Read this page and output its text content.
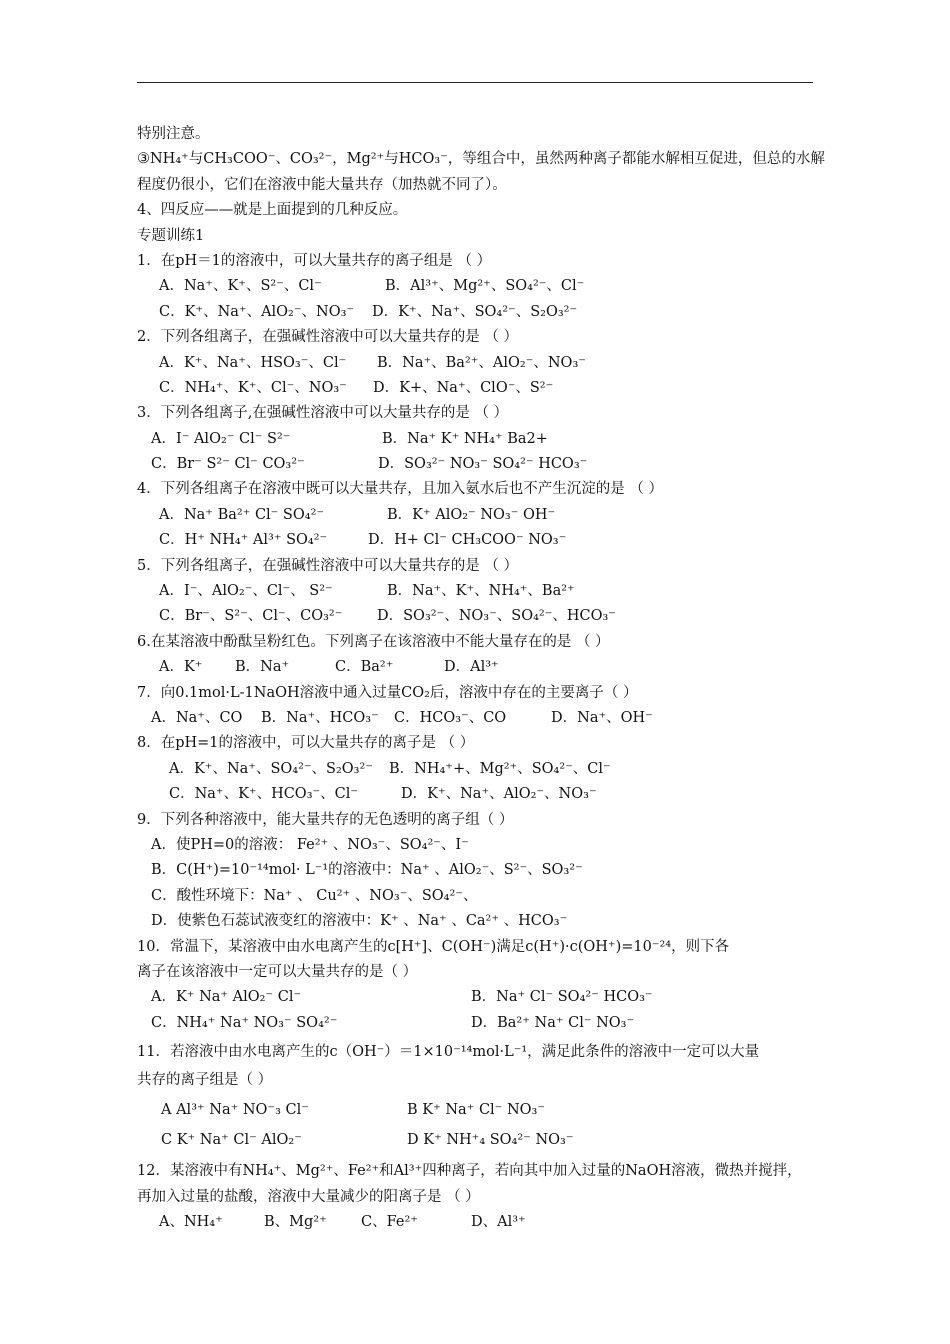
特别注意。
③NH₄⁺与CH₃COO⁻、CO₃²⁻，Mg²⁺与HCO₃⁻，等组合中，虽然两种离子都能水解相互促进，但总的水解
程度仍很小，它们在溶液中能大量共存（加热就不同了）。
4、四反应——就是上面提到的几种反应。
专题训练1
1．在pH＝1的溶液中，可以大量共存的离子组是 （ ）
A．Na⁺、K⁺、S²⁻、Cl⁻	B．Al³⁺、Mg²⁺、SO₄²⁻、Cl⁻
C．K⁺、Na⁺、AlO₂⁻、NO₃⁻ D．K⁺、Na⁺、SO₄²⁻、S₂O₃²⁻
2．下列各组离子，在强碱性溶液中可以大量共存的是 （ ）
A．K⁺、Na⁺、HSO₃⁻、Cl⁻ B．Na⁺、Ba²⁺、AlO₂⁻、NO₃⁻
C．NH₄⁺、K⁺、Cl⁻、NO₃⁻ D．K+、Na⁺、ClO⁻、S²⁻
3．下列各组离子,在强碱性溶液中可以大量共存的是 （ ）
A．I⁻ AlO₂⁻ Cl⁻ S²⁻	B．Na⁺ K⁺ NH₄⁺ Ba2+
C．Br⁻ S²⁻ Cl⁻ CO₃²⁻	D．SO₃²⁻ NO₃⁻ SO₄²⁻ HCO₃⁻
4．下列各组离子在溶液中既可以大量共存，且加入氨水后也不产生沉淀的是 （ ）
A．Na⁺ Ba²⁺ Cl⁻ SO₄²⁻	B．K⁺ AlO₂⁻ NO₃⁻ OH⁻
C．H⁺ NH₄⁺ Al³⁺ SO₄²⁻	D．H+ Cl⁻ CH₃COO⁻ NO₃⁻
5．下列各组离子，在强碱性溶液中可以大量共存的是 （ ）
A．I⁻、AlO₂⁻、Cl⁻、 S²⁻	B．Na⁺、K⁺、NH₄⁺、Ba²⁺
C．Br⁻、S²⁻、Cl⁻、CO₃²⁻ D．SO₃²⁻、NO₃⁻、SO₄²⁻、HCO₃⁻
6.在某溶液中酚酞呈粉红色。下列离子在该溶液中不能大量存在的是 （ ）
A．K⁺ B．Na⁺	C．Ba²⁺	D．Al³⁺
7．向0.1mol·L-1NaOH溶液中通入过量CO₂后，溶液中存在的主要离子（ ）
A．Na⁺、CO B．Na⁺、HCO₃⁻ C．HCO₃⁻、CO	D．Na⁺、OH⁻
8．在pH=1的溶液中，可以大量共存的离子是 （ ）
A．K⁺、Na⁺、SO₄²⁻、S₂O₃²⁻ B．NH₄⁺+、Mg²⁺、SO₄²⁻、Cl⁻
C．Na⁺、K⁺、HCO₃⁻、Cl⁻	D．K⁺、Na⁺、AlO₂⁻、NO₃⁻
9．下列各种溶液中，能大量共存的无色透明的离子组（ ）
A．使PH=0的溶液： Fe²⁺ 、NO₃⁻、SO₄²⁻、I⁻
B．C(H⁺)=10⁻¹⁴mol· L⁻¹的溶液中：Na⁺ 、AlO₂⁻、S²⁻、SO₃²⁻
C．酸性环境下：Na⁺ 、 Cu²⁺ 、NO₃⁻、SO₄²⁻、
D．使紫色石蕊试液变红的溶液中：K⁺ 、Na⁺ 、Ca²⁺ 、HCO₃⁻
10．常温下，某溶液中由水电离产生的c[H⁺]、C(OH⁻)满足c(H⁺)·c(OH⁺)=10⁻²⁴，则下各
离子在该溶液中一定可以大量共存的是（ ）
A．K⁺ Na⁺ AlO₂⁻ Cl⁻	B．Na⁺ Cl⁻ SO₄²⁻ HCO₃⁻
C．NH₄⁺ Na⁺ NO₃⁻ SO₄²⁻	D．Ba²⁺ Na⁺ Cl⁻ NO₃⁻
11．若溶液中由水电离产生的c（OH⁻）＝1×10⁻¹⁴mol·L⁻¹，满足此条件的溶液中一定可以大量
共存的离子组是（ ）
A Al³⁺ Na⁺ NO⁻₃ Cl⁻	B K⁺ Na⁺ Cl⁻ NO₃⁻
C K⁺ Na⁺ Cl⁻ AlO₂⁻	D K⁺ NH⁺₄ SO₄²⁻ NO₃⁻
12．某溶液中有NH₄⁺、Mg²⁺、Fe²⁺和Al³⁺四种离子，若向其中加入过量的NaOH溶液，微热并搅拌，
再加入过量的盐酸，溶液中大量减少的阳离子是 （ ）
A、NH₄⁺	B、Mg²⁺ C、Fe²⁺	D、Al³⁺
